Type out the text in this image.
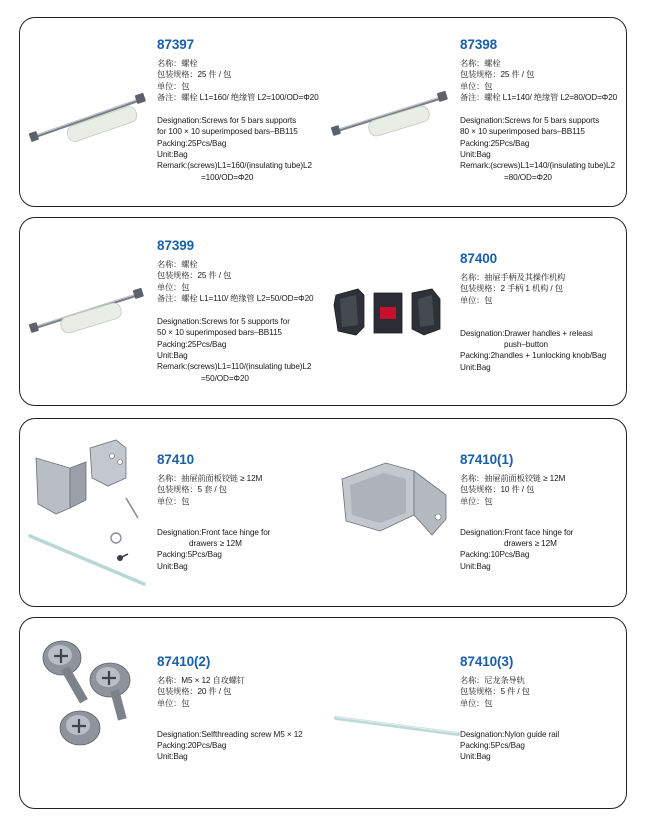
87397
名称：螺栓
包装规格：25 件 / 包
单位：包
备注：螺栓 L1=160/ 绝缘管 L2=100/OD=Φ20
Designation:Screws for 5 bars supports
for 100 × 10 superimposed bars–BB115
Packing:25Pcs/Bag
Unit:Bag
Remark:(screws)L1=160/(insulating tube)L2
=100/OD=Φ20
87398
名称：螺栓
包装规格：25 件 / 包
单位：包
备注：螺栓 L1=140/ 绝缘管 L2=80/OD=Φ20
Designation:Screws for 5 bars supports
80 × 10 superimposed bars–BB115
Packing:25Pcs/Bag
Unit:Bag
Remark:(screws)L1=140/(insulating tube)L2
=80/OD=Φ20
87399
名称：螺栓
包装规格：25 件 / 包
单位：包
备注：螺栓 L1=110/ 绝缘管 L2=50/OD=Φ20
Designation:Screws for 5 supports for
50 × 10 superimposed bars–BB115
Packing:25Pcs/Bag
Unit:Bag
Remark:(screws)L1=110/(insulating tube)L2
=50/OD=Φ20
87400
名称：抽屉手柄及其操作机构
包装规格：2 手柄 1 机构 / 包
单位：包
Designation:Drawer handles + releasi
push–button
Packing:2handles + 1unlocking knob/Bag
Unit:Bag
87410
名称：抽屉前面板铰链 ≥ 12M
包装规格：5 套 / 包
单位：包
Designation:Front face hinge for
drawers ≥ 12M
Packing:5Pcs/Bag
Unit:Bag
87410(1)
名称：抽屉前面板铰链 ≥ 12M
包装规格：10 件 / 包
单位：包
Designation:Front face hinge for
drawers ≥ 12M
Packing:10Pcs/Bag
Unit:Bag
87410(2)
名称：M5 × 12 自攻螺钉
包装规格：20 件 / 包
单位：包
Designation:Selfthreading screw M5 × 12
Packing:20Pcs/Bag
Unit:Bag
87410(3)
名称：尼龙条导轨
包装规格：5 件 / 包
单位：包
Designation:Nylon guide rail
Packing:5Pcs/Bag
Unit:Bag
